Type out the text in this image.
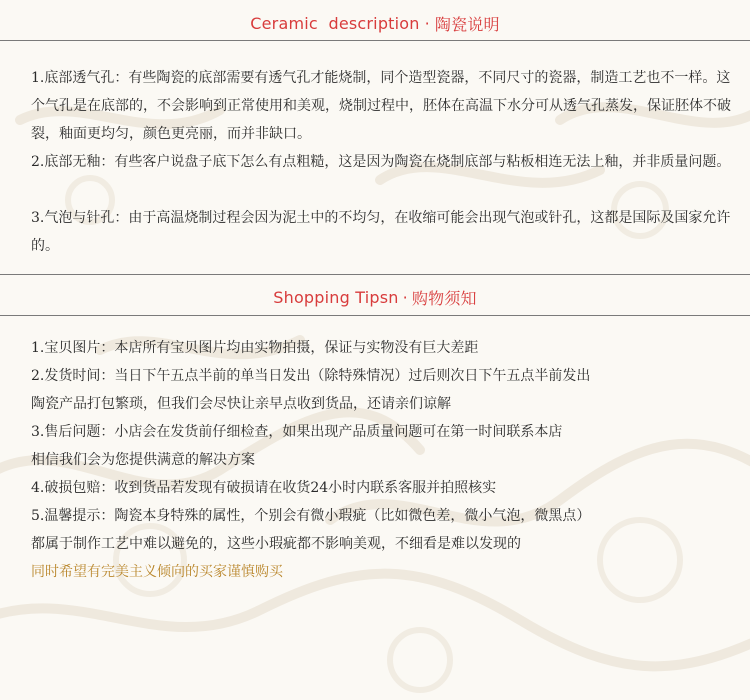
Ceramic  description · 陶瓷说明
1.底部透气孔：有些陶瓷的底部需要有透气孔才能烧制，同个造型瓷器，不同尺寸的瓷器，制造工艺也不一样。这个气孔是在底部的，不会影响到正常使用和美观，烧制过程中，胚体在高温下水分可从透气孔蒸发，保证胚体不破裂，釉面更均匀，颜色更亮丽，而并非缺口。
2.底部无釉：有些客户说盘子底下怎么有点粗糙，这是因为陶瓷在烧制底部与粘板相连无法上釉，并非质量问题。
3.气泡与针孔：由于高温烧制过程会因为泥土中的不均匀，在收缩可能会出现气泡或针孔，这都是国际及国家允许的。
Shopping Tipsn · 购物须知
1.宝贝图片：本店所有宝贝图片均由实物拍摄，保证与实物没有巨大差距
2.发货时间：当日下午五点半前的单当日发出（除特殊情况）过后则次日下午五点半前发出
陶瓷产品打包繁琐，但我们会尽快让亲早点收到货品，还请亲们谅解
3.售后问题：小店会在发货前仔细检查，如果出现产品质量问题可在第一时间联系本店
相信我们会为您提供满意的解决方案
4.破损包赔：收到货品若发现有破损请在收货24小时内联系客服并拍照核实
5.温馨提示：陶瓷本身特殊的属性，个别会有微小瑕疵（比如微色差，微小气泡，微黑点）
都属于制作工艺中难以避免的，这些小瑕疵都不影响美观，不细看是难以发现的
同时希望有完美主义倾向的买家谨慎购买
